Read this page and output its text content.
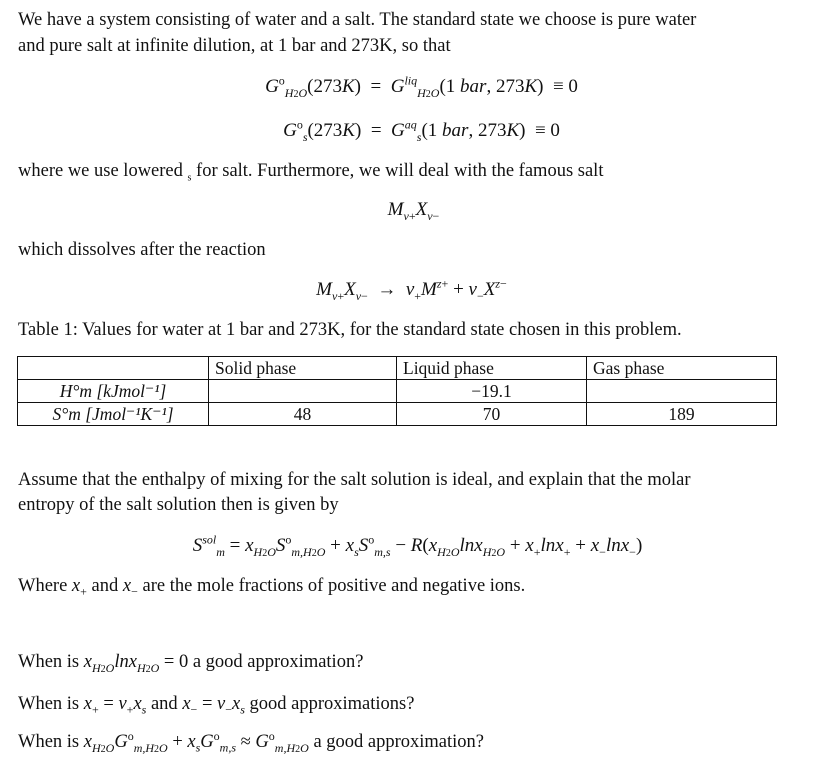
We have a system consisting of water and a salt. The standard state we choose is pure water
and pure salt at infinite dilution, at 1 bar and 273K, so that
$G^o_{H2O}(273K) = G^{liq}_{H2O}(1$ bar, 273K)  ≡ 0
$G^o_s(273K) = G^{aq}_s(1$ bar, 273K)  ≡ 0
where we use lowered $_s$ for salt. Furthermore, we will deal with the famous salt
$M_{\nu+}X_{\nu-}$
which dissolves after the reaction
$M_{\nu+}X_{\nu-} \to \nu_+M^{z+} + \nu_-X^{z-}$
Table 1: Values for water at 1 bar and 273K, for the standard state chosen in this problem.
	Solid phase	Liquid phase	Gas phase
H°m [kJmol⁻¹]		−19.1	
S°m [Jmol⁻¹K⁻¹]	48	70	189
Assume that the enthalpy of mixing for the salt solution is ideal, and explain that the molar
entropy of the salt solution then is given by
$S^{sol}_m = x_{H2O}S^o_{m,H2O} + x_sS^o_{m,s} - R(x_{H2O}\ln x_{H2O} + x_+\ln x_+ + x_-\ln x_-)$
Where $x_+$ and $x_-$ are the mole fractions of positive and negative ions.
When is $x_{H2O}\ln x_{H2O} = 0$ a good approximation?
When is $x_+ = \nu_+x_s$ and $x_- = \nu_-x_s$ good approximations?
When is $x_{H2O}G^o_{m,H2O} + x_sG^o_{m,s} \approx G^o_{m,H2O}$ a good approximation?
